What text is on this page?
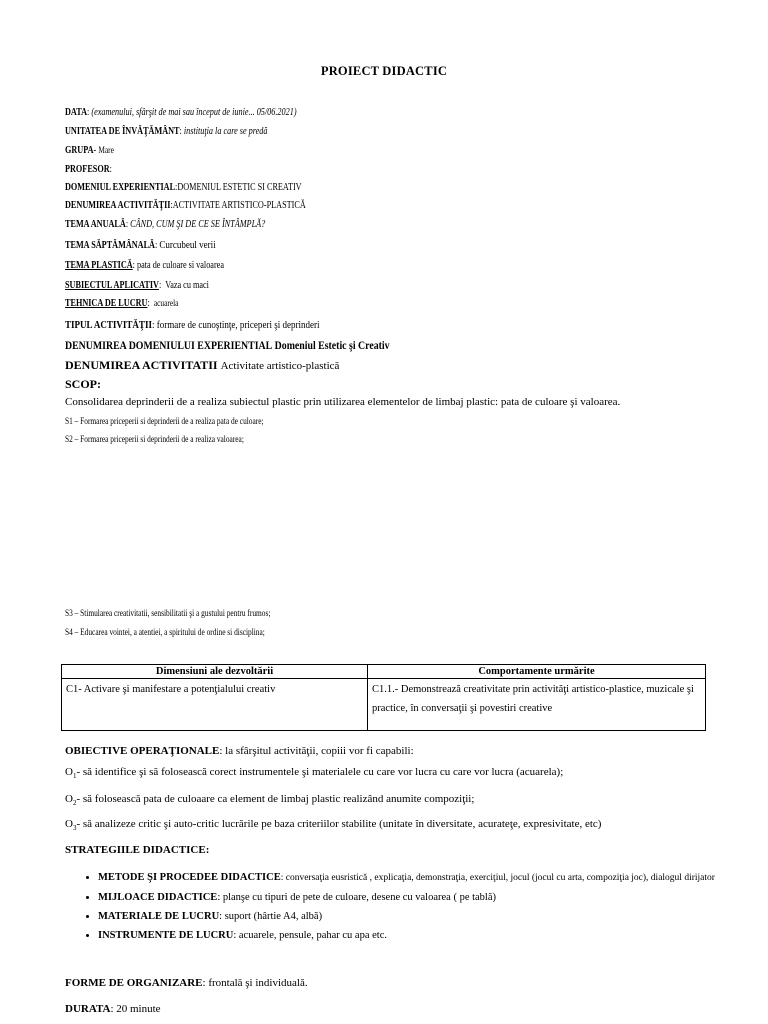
PROIECT DIDACTIC
DATA: (examenului, sfârşit de mai sau început de iunie... 05/06.2021)
UNITATEA DE ÎNVĂŢĂMÂNT: instituţia la care se predă
GRUPA- Mare
PROFESOR:
DOMENIUL EXPERIENTIAL:DOMENIUL ESTETIC SI CREATIV
DENUMIREA ACTIVITĂŢII:ACTIVITATE ARTISTICO-PLASTICĂ
TEMA ANUALĂ: CÂND, CUM ŞI DE CE SE ÎNTÂMPLĂ?
TEMA SĂPTĂMÂNALĂ: Curcubeul verii
TEMA PLASTICĂ: pata de culoare si valoarea
SUBIECTUL APLICATIV:  Vaza cu maci
TEHNICA DE LUCRU:  acuarela
TIPUL ACTIVITĂŢII: formare de cunoştinţe, priceperi şi deprinderi
DENUMIREA DOMENIULUI EXPERIENTIAL Domeniul Estetic şi Creativ
DENUMIREA ACTIVITATII Activitate artistico-plastică
SCOP:
Consolidarea deprinderii de a realiza subiectul plastic prin utilizarea elementelor de limbaj plastic: pata de culoare şi valoarea.
S1 – Formarea priceperii si deprinderii de a realiza pata de culoare;
S2 – Formarea priceperii si deprinderii de a realiza valoarea;
S3 – Stimularea creativitatii, sensibilitatii şi a gustului pentru frumos;
S4 – Educarea vointei, a atentiei, a spiritului de ordine si disciplina;
Dimensiuni ale dezvoltării	Comportamente urmărite
C1- Activare şi manifestare a potenţialului creativ	C1.1.- Demonstrează creativitate prin activităţi artistico-plastice, muzicale şi practice, în conversaţii şi povestiri creative
OBIECTIVE OPERAŢIONALE: la sfârşitul activităţii, copiii vor fi capabili:
$O_1-$ să identifice şi să folosească corect instrumentele şi materialele cu care vor lucra cu care vor lucra (acuarela);
$O_2-$ să folosească pata de culoaare ca element de limbaj plastic realizând anumite compoziţii;
$O_3-$ să analizeze critic şi auto-critic lucrările pe baza criteriilor stabilite (unitate în diversitate, acurateţe, expresivitate, etc)
STRATEGIILE DIDACTICE:
• METODE ŞI PROCEDEE DIDACTICE: conversaţia eusristică , explicaţia, demonstraţia, exerciţiul, jocul (jocul cu arta, compoziţia joc), dialogul dirijator
• MIJLOACE DIDACTICE: planşe cu tipuri de pete de culoare, desene cu valoarea ( pe tablă)
• MATERIALE DE LUCRU: suport (hârtie A4, albă)
• INSTRUMENTE DE LUCRU: acuarele, pensule, pahar cu apa etc.
FORME DE ORGANIZARE: frontală şi individuală.
DURATA: 20 minute
